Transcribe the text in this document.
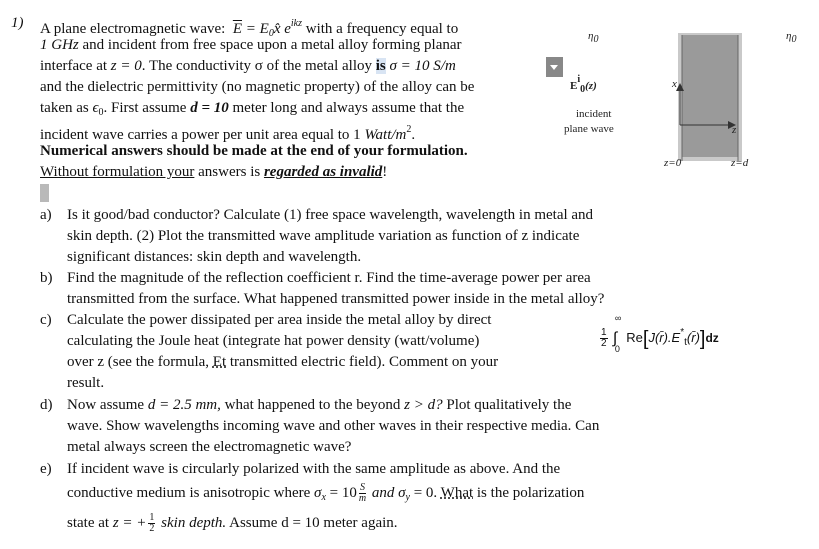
1) A plane electromagnetic wave: $\overline{E}$ = $E_0x̂$ $e^{ikz}$ with a frequency equal to
1 GHz and incident from free space upon a metal alloy forming planar
interface at z = 0. The conductivity σ of the metal alloy is σ = 10 S/m
and the dielectric permittivity (no magnetic property) of the alloy can be
taken as $\epsilon_0$. First assume d = 10 meter long and always assume that the
incident wave carries a power per unit area equal to 1 Watt/$m^2$.
Numerical answers should be made at the end of your formulation.
Without formulation your answers is regarded as invalid!
η0	η0
Ei0(z)	x
z
incident
plane wave
z=0	z=d
a) Is it good/bad conductor? Calculate (1) free space wavelength, wavelength in metal and
skin depth. (2) Plot the transmitted wave amplitude variation as function of z indicate
significant distances: skin depth and wavelength.
b) Find the magnitude of the reflection coefficient r. Find the time-average power per area
transmitted from the surface. What happened transmitted power inside in the metal alloy?
c) Calculate the power dissipated per area inside the metal alloy by direct
calculating the Joule heat (integrate hat power density (watt/volume)
over z (see the formula, Et transmitted electric field). Comment on your
result.
$\frac{1}{2}$

∞
∫
0
$Re[J(r̄).E^*_t(r̄)]dz$
d) Now assume d = 2.5 mm, what happened to the beyond z > d? Plot qualitatively the
wave. Show wavelengths incoming wave and other waves in their respective media. Can
metal always screen the electromagnetic wave?
e) If incident wave is circularly polarized with the same amplitude as above. And the
conductive medium is anisotropic where $\sigma_x = 10 \frac{S}{m}$ and $\sigma_y = 0$. What is the polarization
state at z = + $\frac{1}{2}$ skin depth. Assume d = 10 meter again.
